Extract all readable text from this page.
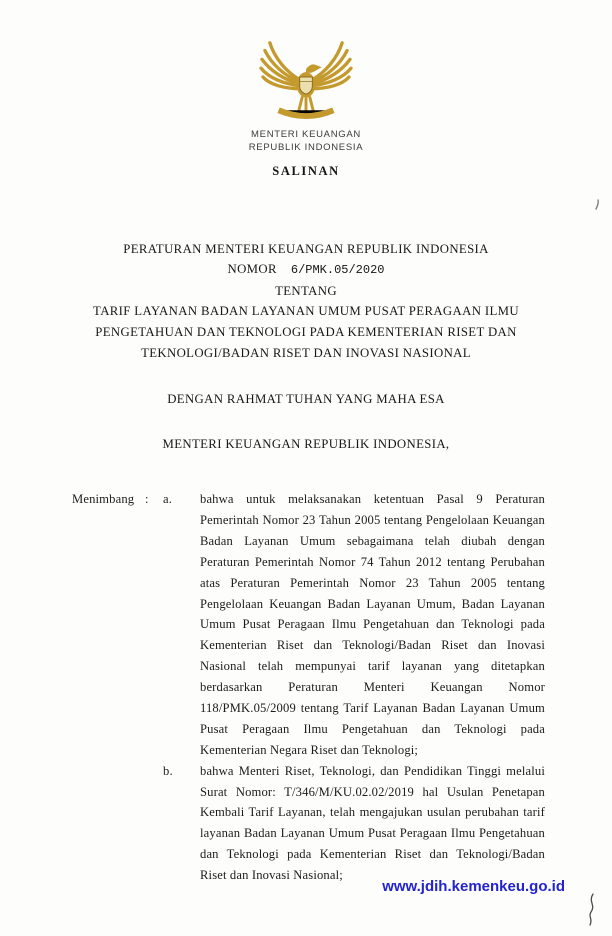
MENTERI KEUANGAN
REPUBLIK INDONESIA
SALINAN
PERATURAN MENTERI KEUANGAN REPUBLIK INDONESIA
NOMOR 6/PMK.05/2020
TENTANG
TARIF LAYANAN BADAN LAYANAN UMUM PUSAT PERAGAAN ILMU PENGETAHUAN DAN TEKNOLOGI PADA KEMENTERIAN RISET DAN TEKNOLOGI/BADAN RISET DAN INOVASI NASIONAL
DENGAN RAHMAT TUHAN YANG MAHA ESA
MENTERI KEUANGAN REPUBLIK INDONESIA,
Menimbang :	a.	bahwa untuk melaksanakan ketentuan Pasal 9 Peraturan Pemerintah Nomor 23 Tahun 2005 tentang Pengelolaan Keuangan Badan Layanan Umum sebagaimana telah diubah dengan Peraturan Pemerintah Nomor 74 Tahun 2012 tentang Perubahan atas Peraturan Pemerintah Nomor 23 Tahun 2005 tentang Pengelolaan Keuangan Badan Layanan Umum, Badan Layanan Umum Pusat Peragaan Ilmu Pengetahuan dan Teknologi pada Kementerian Riset dan Teknologi/Badan Riset dan Inovasi Nasional telah mempunyai tarif layanan yang ditetapkan berdasarkan Peraturan Menteri Keuangan Nomor 118/PMK.05/2009 tentang Tarif Layanan Badan Layanan Umum Pusat Peragaan Ilmu Pengetahuan dan Teknologi pada Kementerian Negara Riset dan Teknologi;

b.	bahwa Menteri Riset, Teknologi, dan Pendidikan Tinggi melalui Surat Nomor: T/346/M/KU.02.02/2019 hal Usulan Penetapan Kembali Tarif Layanan, telah mengajukan usulan perubahan tarif layanan Badan Layanan Umum Pusat Peragaan Ilmu Pengetahuan dan Teknologi pada Kementerian Riset dan Teknologi/Badan Riset dan Inovasi Nasional;

www.jdih.kemenkeu.go.id
